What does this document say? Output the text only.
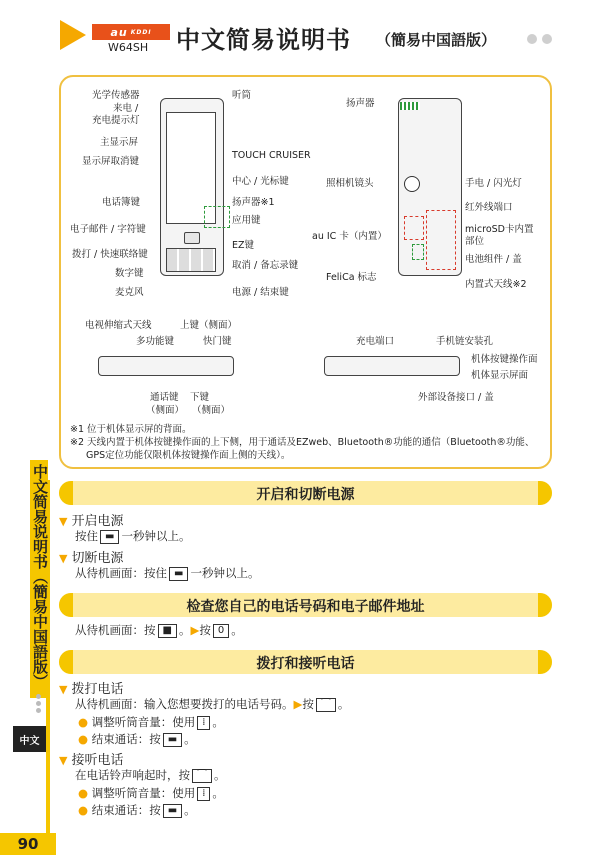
au KDDI
W64SH 中文简易说明书 （簡易中国語版）
中文简易说明书（簡易中国語版）
中文
90
光学传感器
来电 /
充电提示灯
主显示屏
显示屏取消键
电话簿键
电子邮件 / 字符键
拨打 / 快速联络键
数字键
麦克风
听筒
TOUCH CRUISER
中心 / 光标键
扬声器※1
应用键
EZ键
取消 / 备忘录键
电源 / 结束键
扬声器
照相机镜头	手电 / 闪光灯
红外线端口
au IC 卡（内置）
microSD卡内置
部位
电池组件 / 盖
FeliCa 标志
内置式天线※2
电视伸缩式天线	上键（侧面）
多功能键	快门键
通话键
（侧面）
下键
（侧面）
充电端口	手机链安装孔
机体按键操作面
机体显示屏面
外部设备接口 / 盖
※1 位于机体显示屏的背面。
※2 天线内置于机体按键操作面的上下侧，用于通话及EZweb、Bluetooth®功能的通信（Bluetooth®功能、
GPS定位功能仅限机体按键操作面上侧的天线）。
开启和切断电源
▼ 开启电源
按住 ▬ 一秒钟以上。
▼ 切断电源
从待机画面：按住 ▬ 一秒钟以上。
检查您自己的电话号码和电子邮件地址
从待机画面：按 ■ 。▶按 0 。
拨打和接听电话
▼ 拨打电话
从待机画面：输入您想要拨打的电话号码。▶按 ⌒ 。
● 调整听筒音量：使用 ⁞ 。
● 结束通话：按 ▬ 。
▼ 接听电话
在电话铃声响起时，按 ⌒ 。
● 调整听筒音量：使用 ⁞ 。
● 结束通话：按 ▬ 。
